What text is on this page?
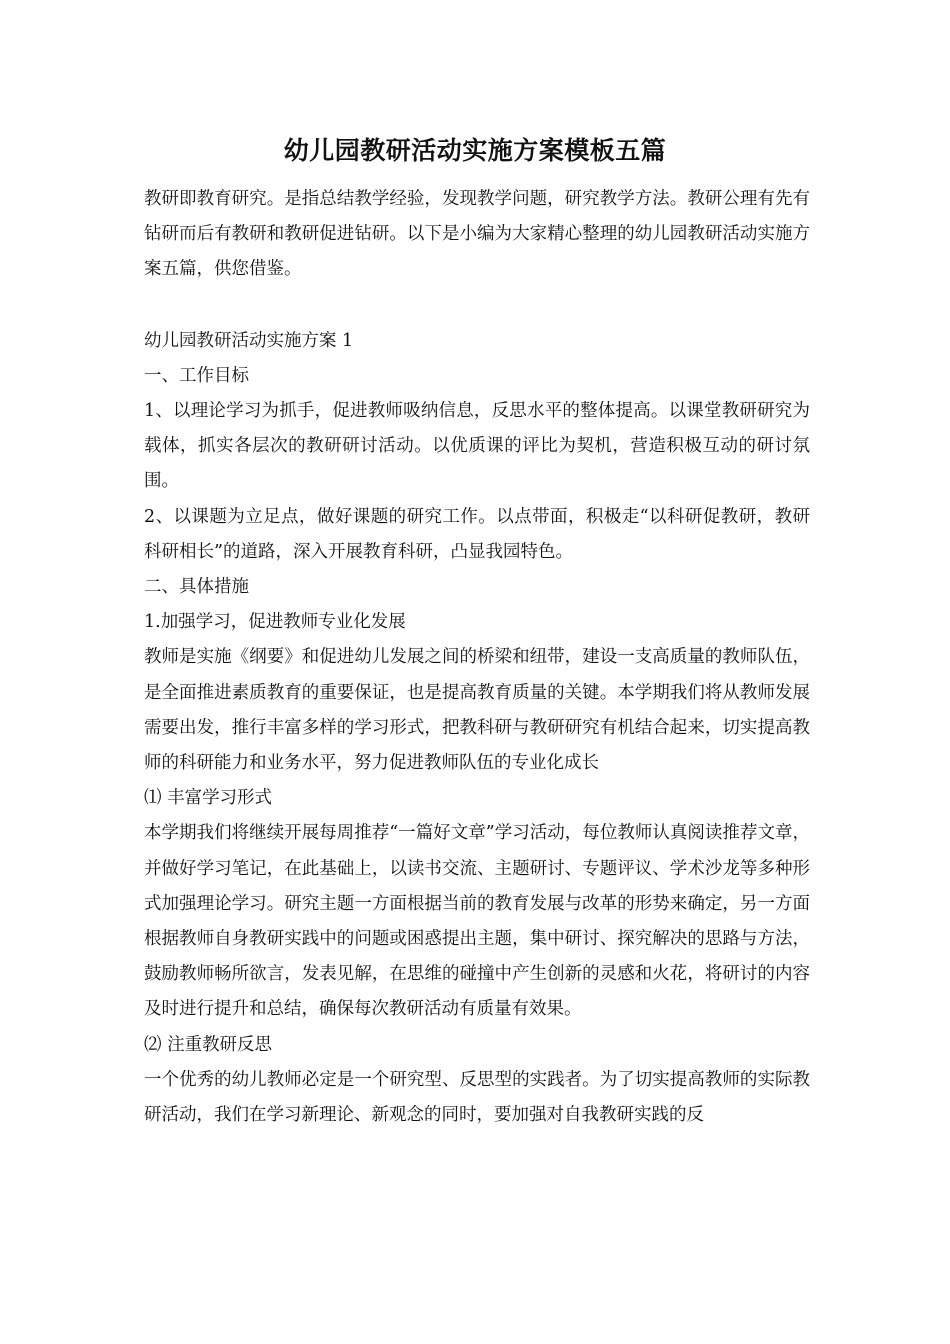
幼儿园教研活动实施方案模板五篇

教研即教育研究。是指总结教学经验，发现教学问题，研究教学方法。教研公理有先有钻研而后有教研和教研促进钻研。以下是小编为大家精心整理的幼儿园教研活动实施方案五篇，供您借鉴。

幼儿园教研活动实施方案 1

一、工作目标

1、以理论学习为抓手，促进教师吸纳信息，反思水平的整体提高。以课堂教研研究为载体，抓实各层次的教研研讨活动。以优质课的评比为契机，营造积极互动的研讨氛围。

2、以课题为立足点，做好课题的研究工作。以点带面，积极走“以科研促教研，教研科研相长”的道路，深入开展教育科研，凸显我园特色。

二、具体措施

1.加强学习，促进教师专业化发展

教师是实施《纲要》和促进幼儿发展之间的桥梁和纽带，建设一支高质量的教师队伍，是全面推进素质教育的重要保证，也是提高教育质量的关键。本学期我们将从教师发展需要出发，推行丰富多样的学习形式，把教科研与教研研究有机结合起来，切实提高教师的科研能力和业务水平，努力促进教师队伍的专业化成长

⑴ 丰富学习形式

本学期我们将继续开展每周推荐“一篇好文章”学习活动，每位教师认真阅读推荐文章，并做好学习笔记，在此基础上，以读书交流、主题研讨、专题评议、学术沙龙等多种形式加强理论学习。研究主题一方面根据当前的教育发展与改革的形势来确定，另一方面根据教师自身教研实践中的问题或困惑提出主题，集中研讨、探究解决的思路与方法，鼓励教师畅所欲言，发表见解，在思维的碰撞中产生创新的灵感和火花，将研讨的内容及时进行提升和总结，确保每次教研活动有质量有效果。

⑵ 注重教研反思

一个优秀的幼儿教师必定是一个研究型、反思型的实践者。为了切实提高教师的实际教研活动，我们在学习新理论、新观念的同时，要加强对自我教研实践的反
